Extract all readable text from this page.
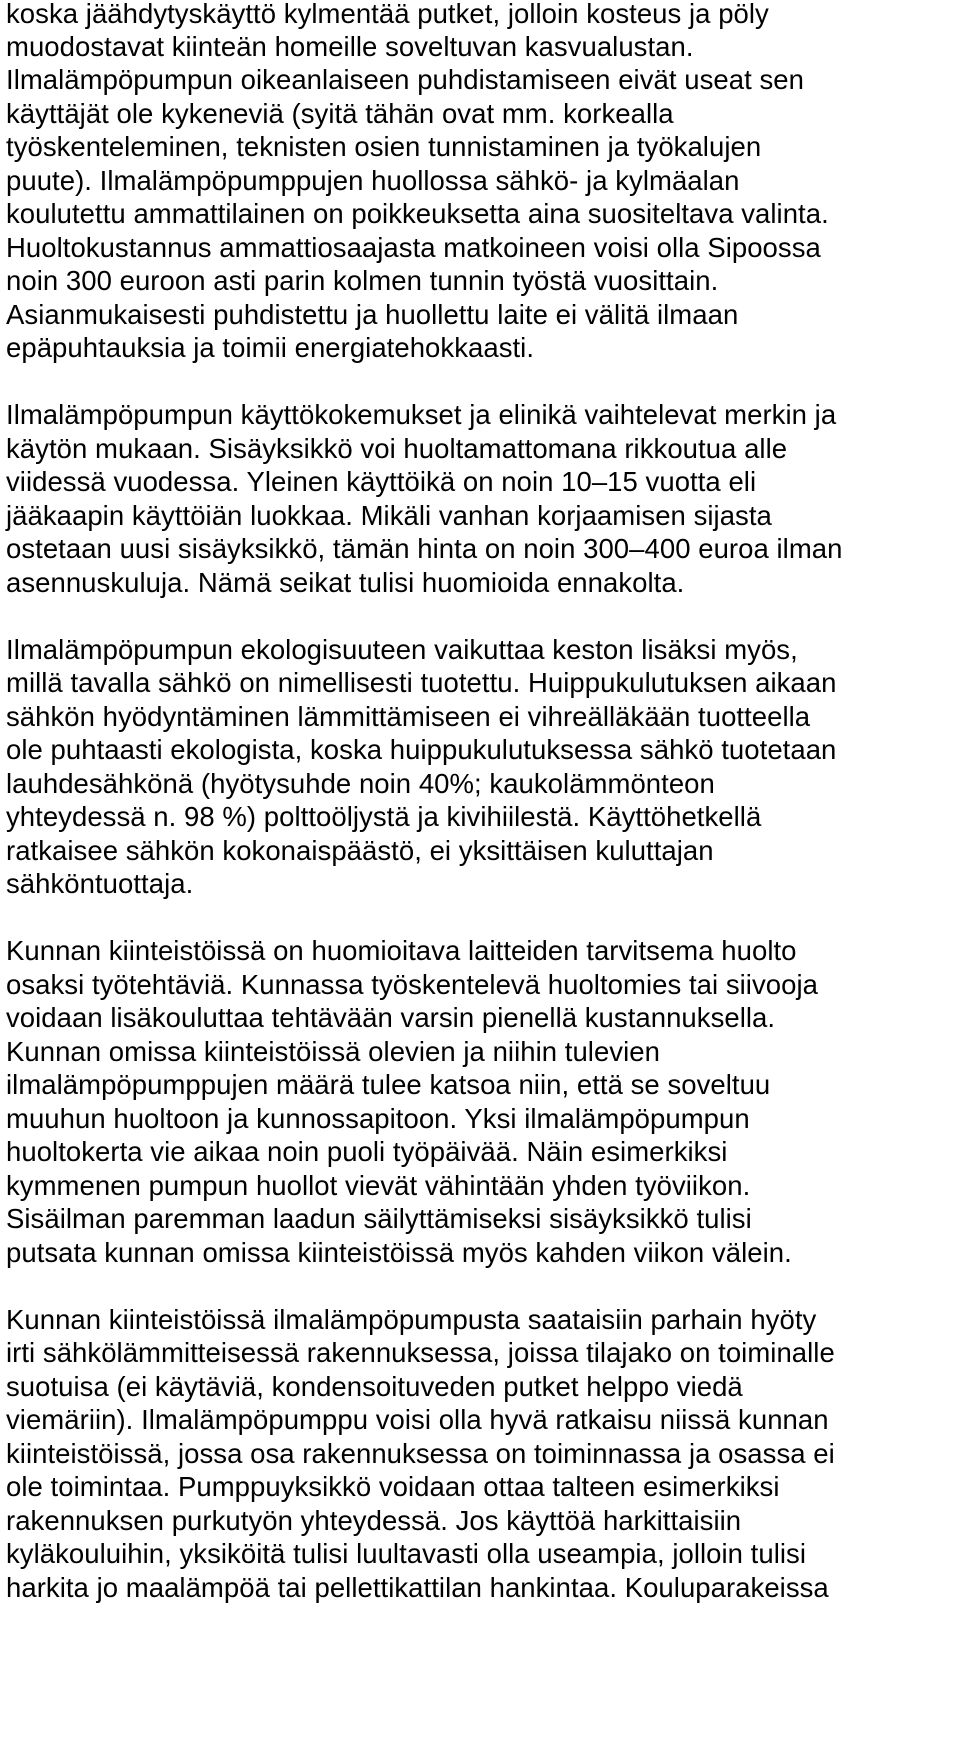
koska jäähdytyskäyttö kylmentää putket, jolloin kosteus ja pöly
muodostavat kiinteän homeille soveltuvan kasvualustan.
Ilmalämpöpumpun oikeanlaiseen puhdistamiseen eivät useat sen
käyttäjät ole kykeneviä (syitä tähän ovat mm. korkealla
työskenteleminen, teknisten osien tunnistaminen ja työkalujen
puute). Ilmalämpöpumppujen huollossa sähkö- ja kylmäalan
koulutettu ammattilainen on poikkeuksetta aina suositeltava valinta.
Huoltokustannus ammattiosaajasta matkoineen voisi olla Sipoossa
noin 300 euroon asti parin kolmen tunnin työstä vuosittain.
Asianmukaisesti puhdistettu ja huollettu laite ei välitä ilmaan
epäpuhtauksia ja toimii energiatehokkaasti.
Ilmalämpöpumpun käyttökokemukset ja elinikä vaihtelevat merkin ja
käytön mukaan. Sisäyksikkö voi huoltamattomana rikkoutua alle
viidessä vuodessa. Yleinen käyttöikä on noin 10–15 vuotta eli
jääkaapin käyttöiän luokkaa. Mikäli vanhan korjaamisen sijasta
ostetaan uusi sisäyksikkö, tämän hinta on noin 300–400 euroa ilman
asennuskuluja. Nämä seikat tulisi huomioida ennakolta.
Ilmalämpöpumpun ekologisuuteen vaikuttaa keston lisäksi myös,
millä tavalla sähkö on nimellisesti tuotettu. Huippukulutuksen aikaan
sähkön hyödyntäminen lämmittämiseen ei vihreälläkään tuotteella
ole puhtaasti ekologista, koska huippukulutuksessa sähkö tuotetaan
lauhdesähkönä (hyötysuhde noin 40%; kaukolämmönteon
yhteydessä n. 98 %) polttoöljystä ja kivihiilestä. Käyttöhetkellä
ratkaisee sähkön kokonaispäästö, ei yksittäisen kuluttajan
sähköntuottaja.
Kunnan kiinteistöissä on huomioitava laitteiden tarvitsema huolto
osaksi työtehtäviä. Kunnassa työskentelevä huoltomies tai siivooja
voidaan lisäkouluttaa tehtävään varsin pienellä kustannuksella.
Kunnan omissa kiinteistöissä olevien ja niihin tulevien
ilmalämpöpumppujen määrä tulee katsoa niin, että se soveltuu
muuhun huoltoon ja kunnossapitoon. Yksi ilmalämpöpumpun
huoltokerta vie aikaa noin puoli työpäivää. Näin esimerkiksi
kymmenen pumpun huollot vievät vähintään yhden työviikon.
Sisäilman paremman laadun säilyttämiseksi sisäyksikkö tulisi
putsata kunnan omissa kiinteistöissä myös kahden viikon välein.
Kunnan kiinteistöissä ilmalämpöpumpusta saataisiin parhain hyöty
irti sähkölämmitteisessä rakennuksessa, joissa tilajako on toiminalle
suotuisa (ei käytäviä, kondensoituveden putket helppo viedä
viemäriin). Ilmalämpöpumppu voisi olla hyvä ratkaisu niissä kunnan
kiinteistöissä, jossa osa rakennuksessa on toiminnassa ja osassa ei
ole toimintaa. Pumppuyksikkö voidaan ottaa talteen esimerkiksi
rakennuksen purkutyön yhteydessä. Jos käyttöä harkittaisiin
kyläkouluihin, yksiköitä tulisi luultavasti olla useampia, jolloin tulisi
harkita jo maalämpöä tai pellettikattilan hankintaa. Kouluparakeissa
